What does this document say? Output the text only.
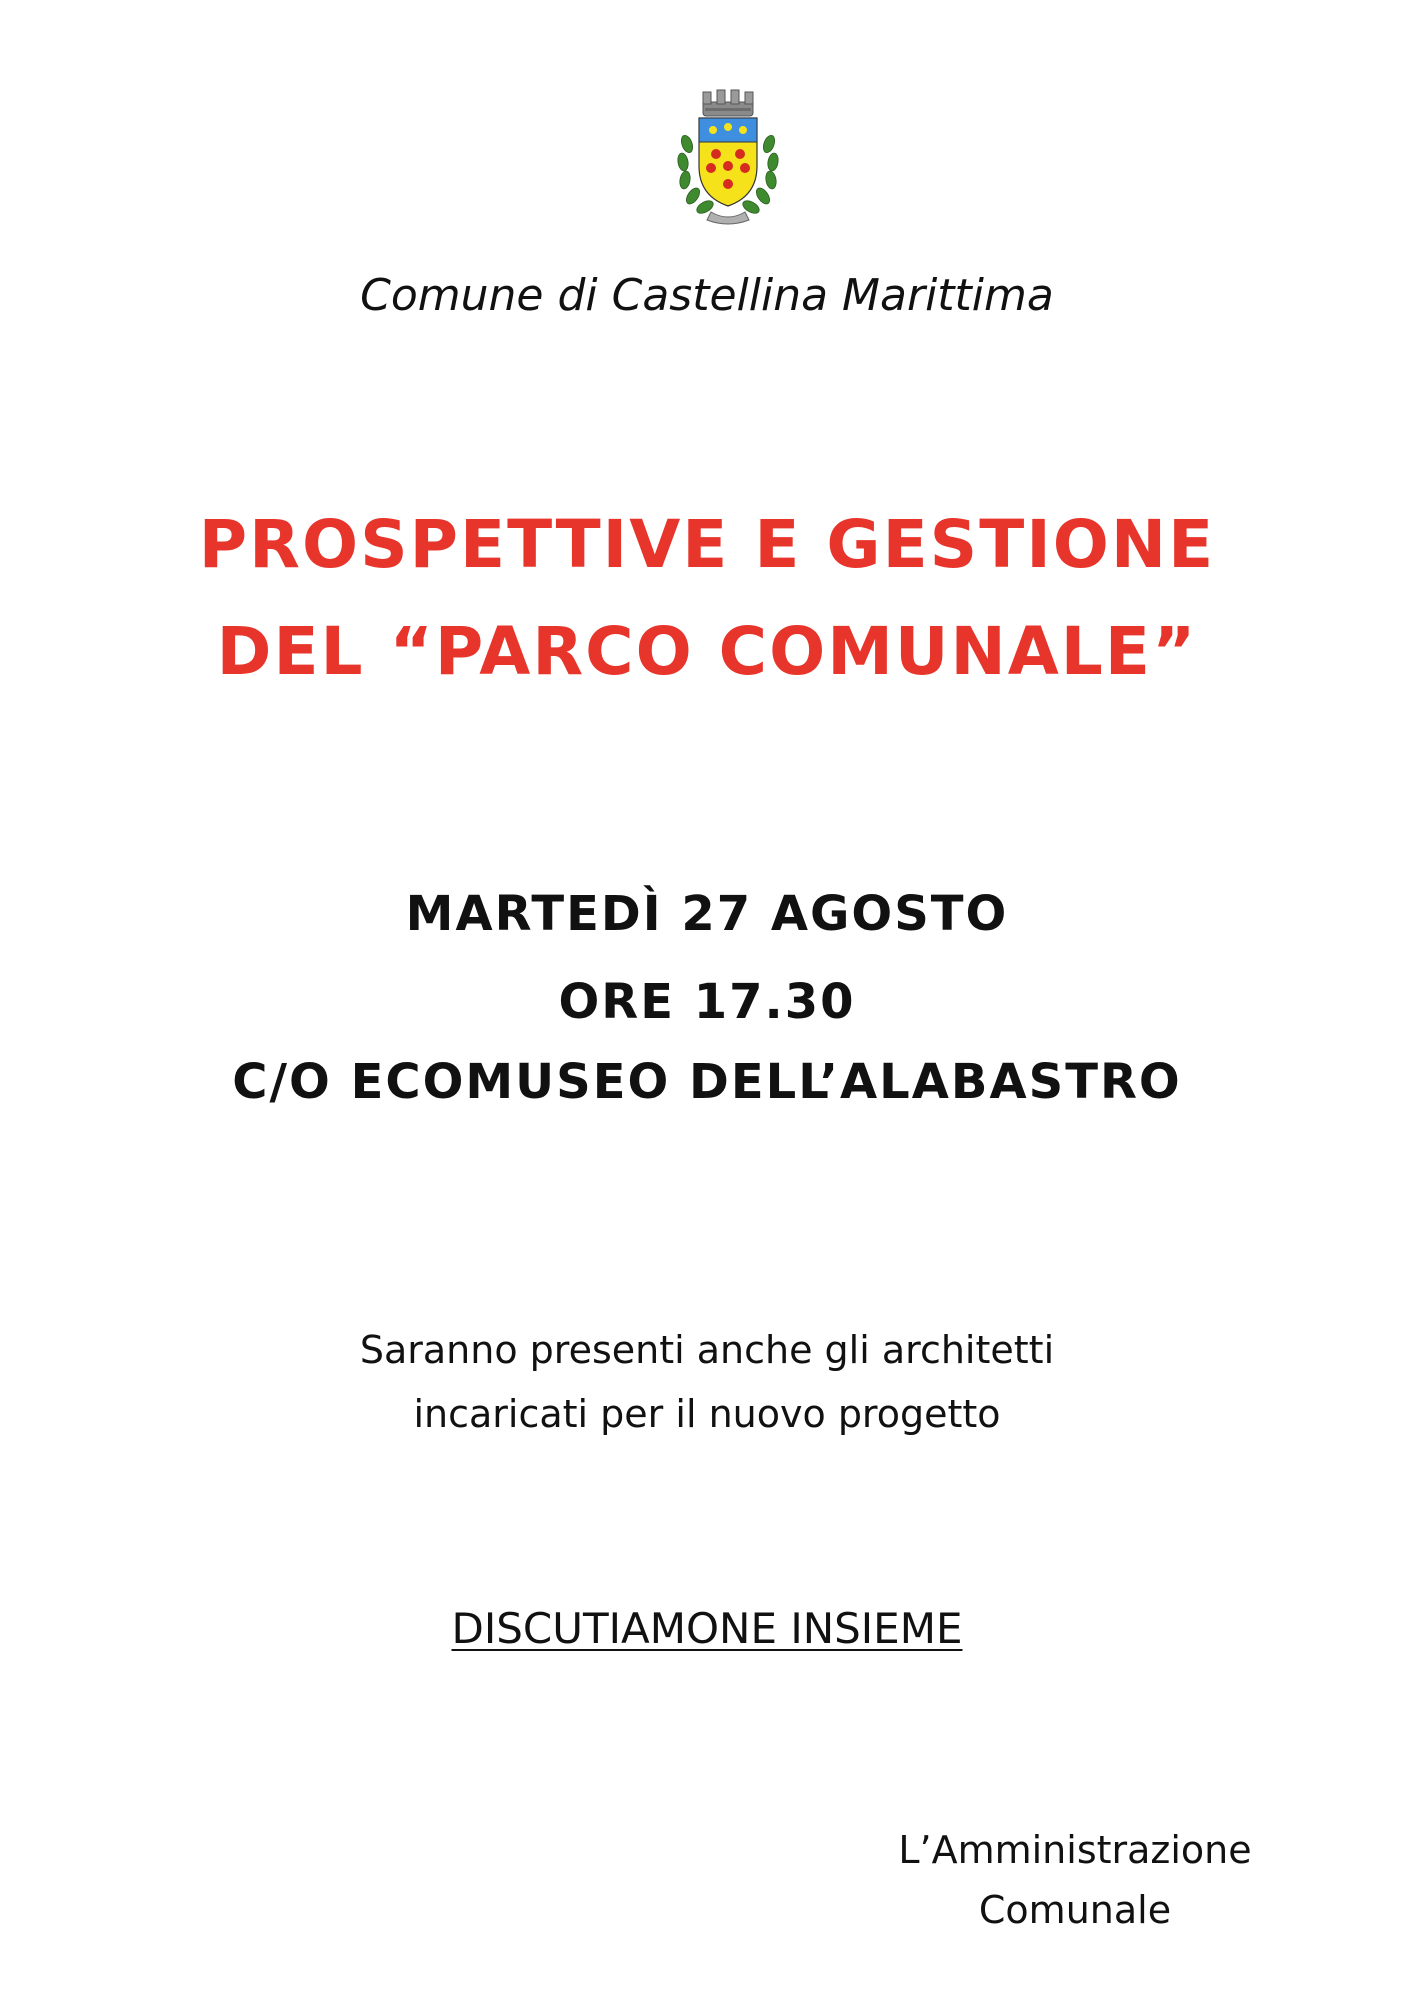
Comune di Castellina Marittima
PROSPETTIVE E GESTIONE
DEL “PARCO COMUNALE”
MARTEDÌ 27 AGOSTO
ORE 17.30
C/O ECOMUSEO DELL’ALABASTRO
Saranno presenti anche gli architetti
incaricati per il nuovo progetto
DISCUTIAMONE INSIEME
L’Amministrazione
Comunale
